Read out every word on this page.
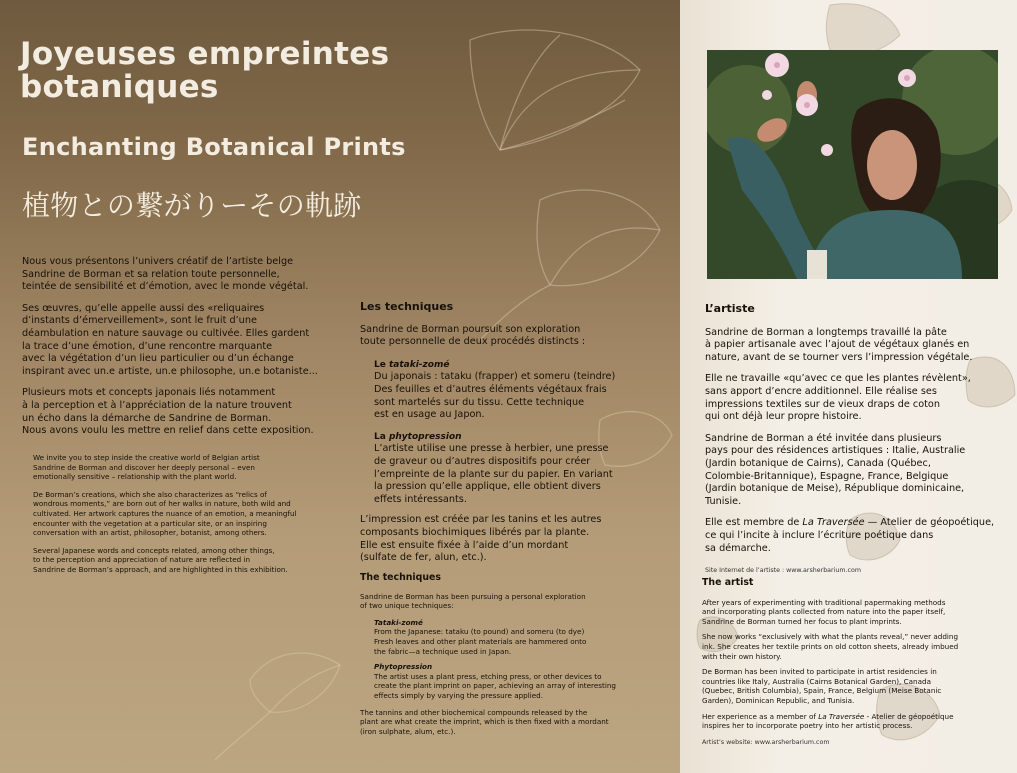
Joyeuses empreintes
botaniques
Enchanting Botanical Prints
植物との繋がりーその軌跡

Nous vous présentons l’univers créatif de l’artiste belge

Sandrine de Borman et sa relation toute personnelle,

teintée de sensibilité et d’émotion, avec le monde végétal.

Ses œuvres, qu’elle appelle aussi des «reliquaires

d’instants d’émerveillement», sont le fruit d’une

déambulation en nature sauvage ou cultivée. Elles gardent

la trace d’une émotion, d’une rencontre marquante

avec la végétation d’un lieu particulier ou d’un échange

inspirant avec un.e artiste, un.e philosophe, un.e botaniste...

Plusieurs mots et concepts japonais liés notamment

à la perception et à l’appréciation de la nature trouvent

un écho dans la démarche de Sandrine de Borman.

Nous avons voulu les mettre en relief dans cette exposition.

We invite you to step inside the creative world of Belgian artist

Sandrine de Borman and discover her deeply personal – even

emotionally sensitive – relationship with the plant world.

De Borman’s creations, which she also characterizes as “relics of

wondrous moments,” are born out of her walks in nature, both wild and

cultivated. Her artwork captures the nuance of an emotion, a meaningful

encounter with the vegetation at a particular site, or an inspiring

conversation with an artist, philosopher, botanist, among others.

Several Japanese words and concepts related, among other things,

to the perception and appreciation of nature are reflected in

Sandrine de Borman’s approach, and are highlighted in this exhibition.

Les techniques

Sandrine de Borman poursuit son exploration

toute personnelle de deux procédés distincts :

Le tataki-zomé

Du japonais : tataku (frapper) et someru (teindre)

Des feuilles et d’autres éléments végétaux frais

sont martelés sur du tissu. Cette technique

est en usage au Japon.

La phytopression

L’artiste utilise une presse à herbier, une presse

de graveur ou d’autres dispositifs pour créer

l’empreinte de la plante sur du papier. En variant

la pression qu’elle applique, elle obtient divers

effets intéressants.

L’impression est créée par les tanins et les autres

composants biochimiques libérés par la plante.

Elle est ensuite fixée à l’aide d’un mordant

(sulfate de fer, alun, etc.).

The techniques

Sandrine de Borman has been pursuing a personal exploration

of two unique techniques:

Tataki-zomé

From the Japanese: tataku (to pound) and someru (to dye)

Fresh leaves and other plant materials are hammered onto

the fabric—a technique used in Japan.

Phytopression

The artist uses a plant press, etching press, or other devices to

create the plant imprint on paper, achieving an array of interesting

effects simply by varying the pressure applied.

The tannins and other biochemical compounds released by the

plant are what create the imprint, which is then fixed with a mordant

(iron sulphate, alum, etc.).

L’artiste

Sandrine de Borman a longtemps travaillé la pâte

à papier artisanale avec l’ajout de végétaux glanés en

nature, avant de se tourner vers l’impression végétale.

Elle ne travaille «qu’avec ce que les plantes révèlent»,

sans apport d’encre additionnel. Elle réalise ses

impressions textiles sur de vieux draps de coton

qui ont déjà leur propre histoire.

Sandrine de Borman a été invitée dans plusieurs

pays pour des résidences artistiques : Italie, Australie

(Jardin botanique de Cairns), Canada (Québec,

Colombie-Britannique), Espagne, France, Belgique

(Jardin botanique de Meise), République dominicaine,

Tunisie.

Elle est membre de La Traversée — Atelier de géopoétique,

ce qui l’incite à inclure l’écriture poétique dans

sa démarche.

Site Internet de l’artiste : www.arsherbarium.com
The artist

After years of experimenting with traditional papermaking methods

and incorporating plants collected from nature into the paper itself,

Sandrine de Borman turned her focus to plant imprints.

She now works “exclusively with what the plants reveal,” never adding

ink. She creates her textile prints on old cotton sheets, already imbued

with their own history.

De Borman has been invited to participate in artist residencies in

countries like Italy, Australia (Cairns Botanical Garden), Canada

(Quebec, British Columbia), Spain, France, Belgium (Meise Botanic

Garden), Dominican Republic, and Tunisia.

Her experience as a member of La Traversée - Atelier de géopoétique

inspires her to incorporate poetry into her artistic process.

Artist’s website: www.arsherbarium.com
